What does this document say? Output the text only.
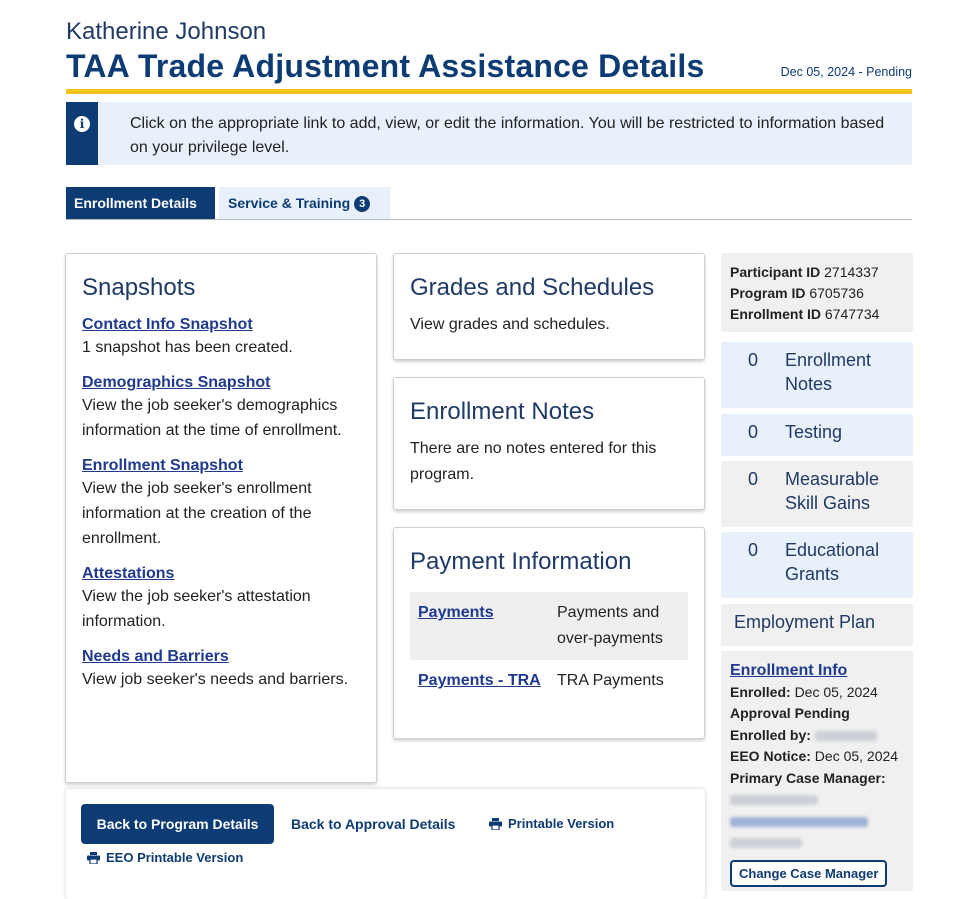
Katherine Johnson
TAA Trade Adjustment Assistance Details	Dec 05, 2024 - Pending
i	Click on the appropriate link to add, view, or edit the information. You will be restricted to information based on your privilege level.
Enrollment Details	Service & Training 3
Snapshots
Contact Info Snapshot

1 snapshot has been created.

Demographics Snapshot

View the job seeker's demographics information at the time of enrollment.

Enrollment Snapshot

View the job seeker's enrollment information at the creation of the enrollment.

Attestations

View the job seeker's attestation information.

Needs and Barriers

View job seeker's needs and barriers.

Grades and Schedules

View grades and schedules.

Enrollment Notes

There are no notes entered for this program.

Payment Information
Payments	Payments and over-payments
Payments - TRA	TRA Payments
Participant ID 2714337
Program ID 6705736
Enrollment ID 6747734
0	Enrollment Notes
0	Testing
0	Measurable Skill Gains
0	Educational Grants
Employment Plan
Enrollment Info
Enrolled: Dec 05, 2024
Approval Pending
Enrolled by:
EEO Notice: Dec 05, 2024
Primary Case Manager:
Change Case Manager
Back to Program Details	Back to Approval Details	Printable Version
EEO Printable Version
